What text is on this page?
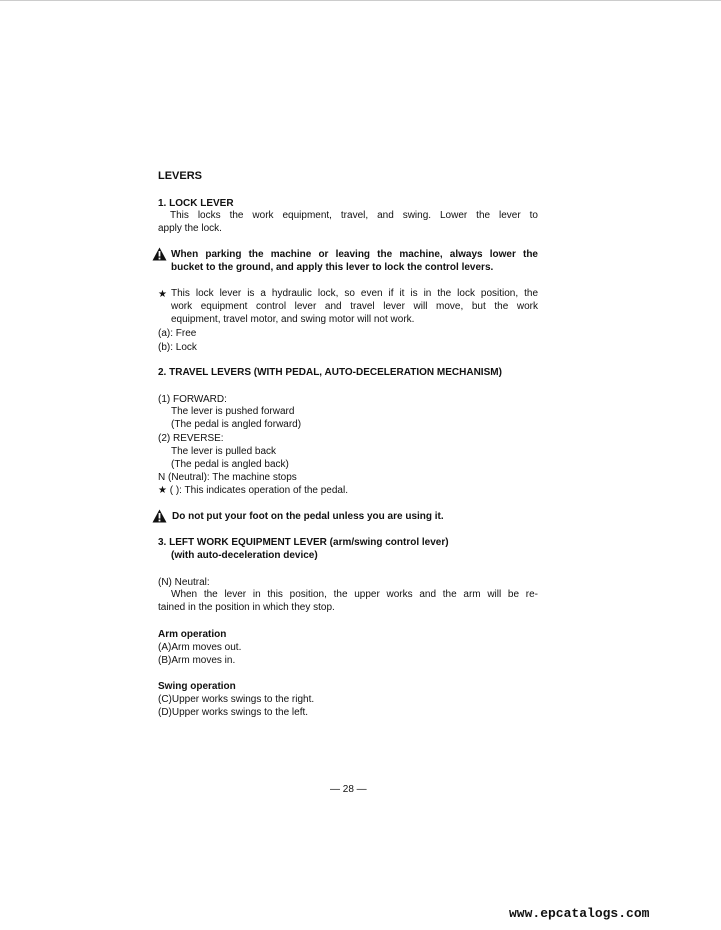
LEVERS
1. LOCK LEVER
This locks the work equipment, travel, and swing. Lower the lever to
apply the lock.
When parking the machine or leaving the machine, always lower the
bucket to the ground, and apply this lever to lock the control levers.
★ This lock lever is a hydraulic lock, so even if it is in the lock position, the
work equipment control lever and travel lever will move, but the work
equipment, travel motor, and swing motor will not work.
(a): Free
(b): Lock
2. TRAVEL LEVERS (WITH PEDAL, AUTO-DECELERATION MECHANISM)
(1) FORWARD:
The lever is pushed forward
(The pedal is angled forward)
(2) REVERSE:
The lever is pulled back
(The pedal is angled back)
N (Neutral): The machine stops
★ ( ): This indicates operation of the pedal.
Do not put your foot on the pedal unless you are using it.
3. LEFT WORK EQUIPMENT LEVER (arm/swing control lever)
(with auto-deceleration device)
(N) Neutral:
When the lever in this position, the upper works and the arm will be re-
tained in the position in which they stop.
Arm operation
(A)Arm moves out.
(B)Arm moves in.
Swing operation
(C)Upper works swings to the right.
(D)Upper works swings to the left.
— 28 —
www.epcatalogs.com
